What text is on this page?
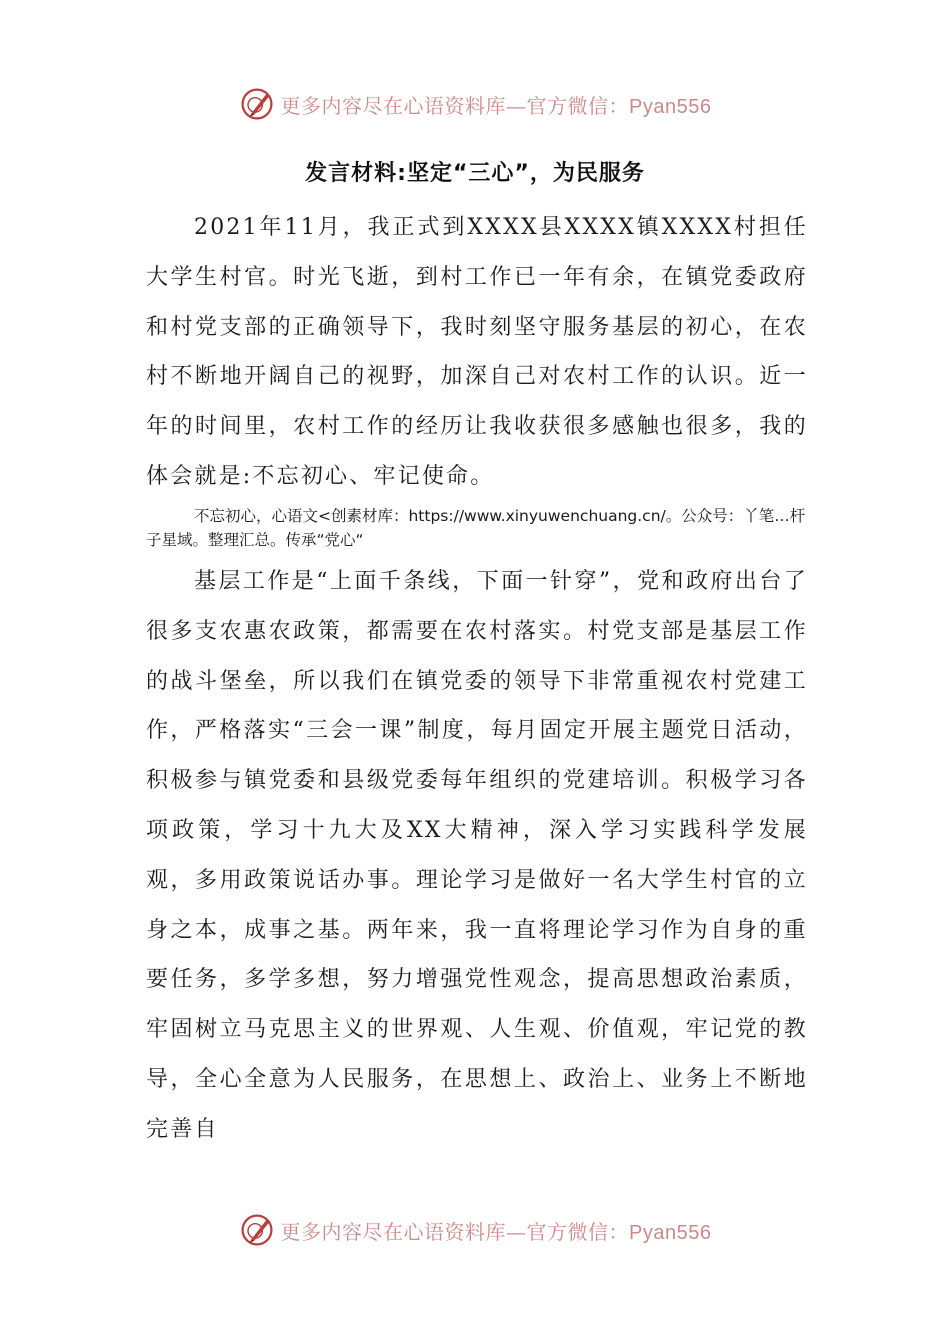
更多内容尽在心语资料库—官方微信：Pyan556
发言材料:坚定“三心”，为民服务

2021年11月，我正式到XXXX县XXXX镇XXXX村担任大学生村官。时光飞逝，到村工作已一年有余，在镇党委政府和村党支部的正确领导下，我时刻坚守服务基层的初心，在农村不断地开阔自己的视野，加深自己对农村工作的认识。近一年的时间里，农村工作的经历让我收获很多感触也很多，我的体会就是:不忘初心、牢记使命。

不忘初心，心语文<创素材库：https://www.xinyuwenchuang.cn/。公众号：丫笔…杆子星域。整理汇总。传承“党心“

基层工作是“上面千条线，下面一针穿”，党和政府出台了很多支农惠农政策，都需要在农村落实。村党支部是基层工作的战斗堡垒，所以我们在镇党委的领导下非常重视农村党建工作，严格落实“三会一课”制度，每月固定开展主题党日活动，积极参与镇党委和县级党委每年组织的党建培训。积极学习各项政策，学习十九大及XX大精神，深入学习实践科学发展观，多用政策说话办事。理论学习是做好一名大学生村官的立身之本，成事之基。两年来，我一直将理论学习作为自身的重要任务，多学多想，努力增强党性观念，提高思想政治素质，牢固树立马克思主义的世界观、人生观、价值观，牢记党的教导，全心全意为人民服务，在思想上、政治上、业务上不断地完善自

更多内容尽在心语资料库—官方微信：Pyan556
